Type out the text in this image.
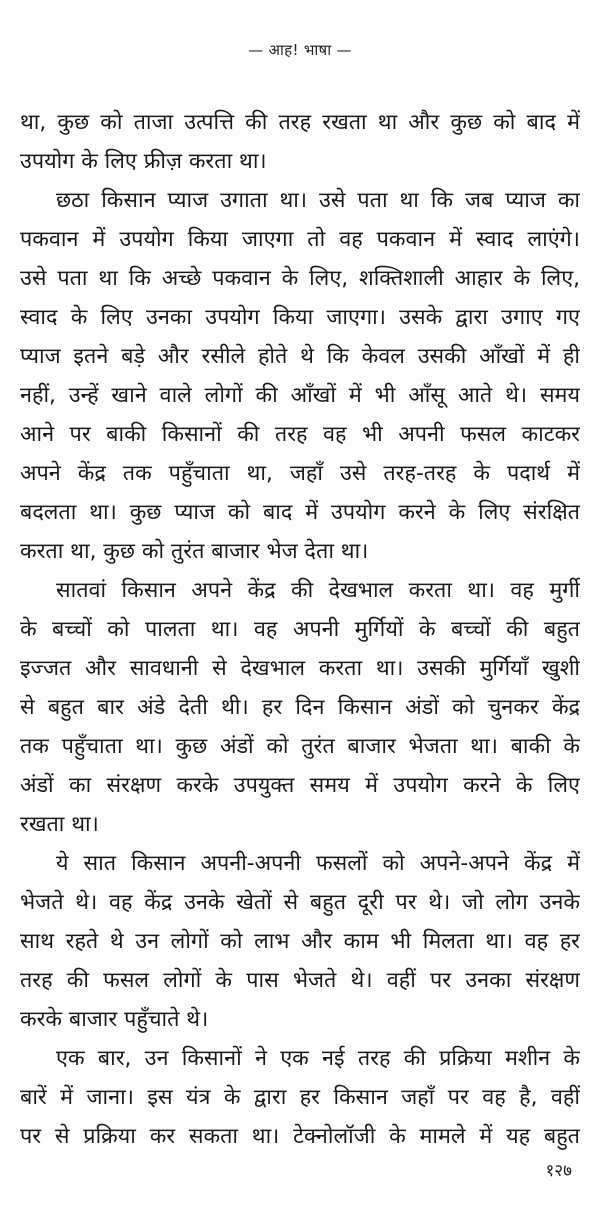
— आह! भाषा —
था, कुछ को ताजा उत्पत्ति की तरह रखता था और कुछ को बाद में
उपयोग के लिए फ्रीज़ करता था।
छठा किसान प्याज उगाता था। उसे पता था कि जब प्याज का
पकवान में उपयोग किया जाएगा तो वह पकवान में स्वाद लाएंगे।
उसे पता था कि अच्छे पकवान के लिए, शक्तिशाली आहार के लिए,
स्वाद के लिए उनका उपयोग किया जाएगा। उसके द्वारा उगाए गए
प्याज इतने बड़े और रसीले होते थे कि केवल उसकी आँखों में ही
नहीं, उन्हें खाने वाले लोगों की आँखों में भी आँसू आते थे। समय
आने पर बाकी किसानों की तरह वह भी अपनी फसल काटकर
अपने केंद्र तक पहुँचाता था, जहाँ उसे तरह-तरह के पदार्थ में
बदलता था। कुछ प्याज को बाद में उपयोग करने के लिए संरक्षित
करता था, कुछ को तुरंत बाजार भेज देता था।
सातवां किसान अपने केंद्र की देखभाल करता था। वह मुर्गी
के बच्चों को पालता था। वह अपनी मुर्गियों के बच्चों की बहुत
इज्जत और सावधानी से देखभाल करता था। उसकी मुर्गियाँ खुशी
से बहुत बार अंडे देती थी। हर दिन किसान अंडों को चुनकर केंद्र
तक पहुँचाता था। कुछ अंडों को तुरंत बाजार भेजता था। बाकी के
अंडों का संरक्षण करके उपयुक्त समय में उपयोग करने के लिए
रखता था।
ये सात किसान अपनी-अपनी फसलों को अपने-अपने केंद्र में
भेजते थे। वह केंद्र उनके खेतों से बहुत दूरी पर थे। जो लोग उनके
साथ रहते थे उन लोगों को लाभ और काम भी मिलता था। वह हर
तरह की फसल लोगों के पास भेजते थे। वहीं पर उनका संरक्षण
करके बाजार पहुँचाते थे।
एक बार, उन किसानों ने एक नई तरह की प्रक्रिया मशीन के
बारें में जाना। इस यंत्र के द्वारा हर किसान जहाँ पर वह है, वहीं
पर से प्रक्रिया कर सकता था। टेक्नोलॉजी के मामले में यह बहुत
१२७
